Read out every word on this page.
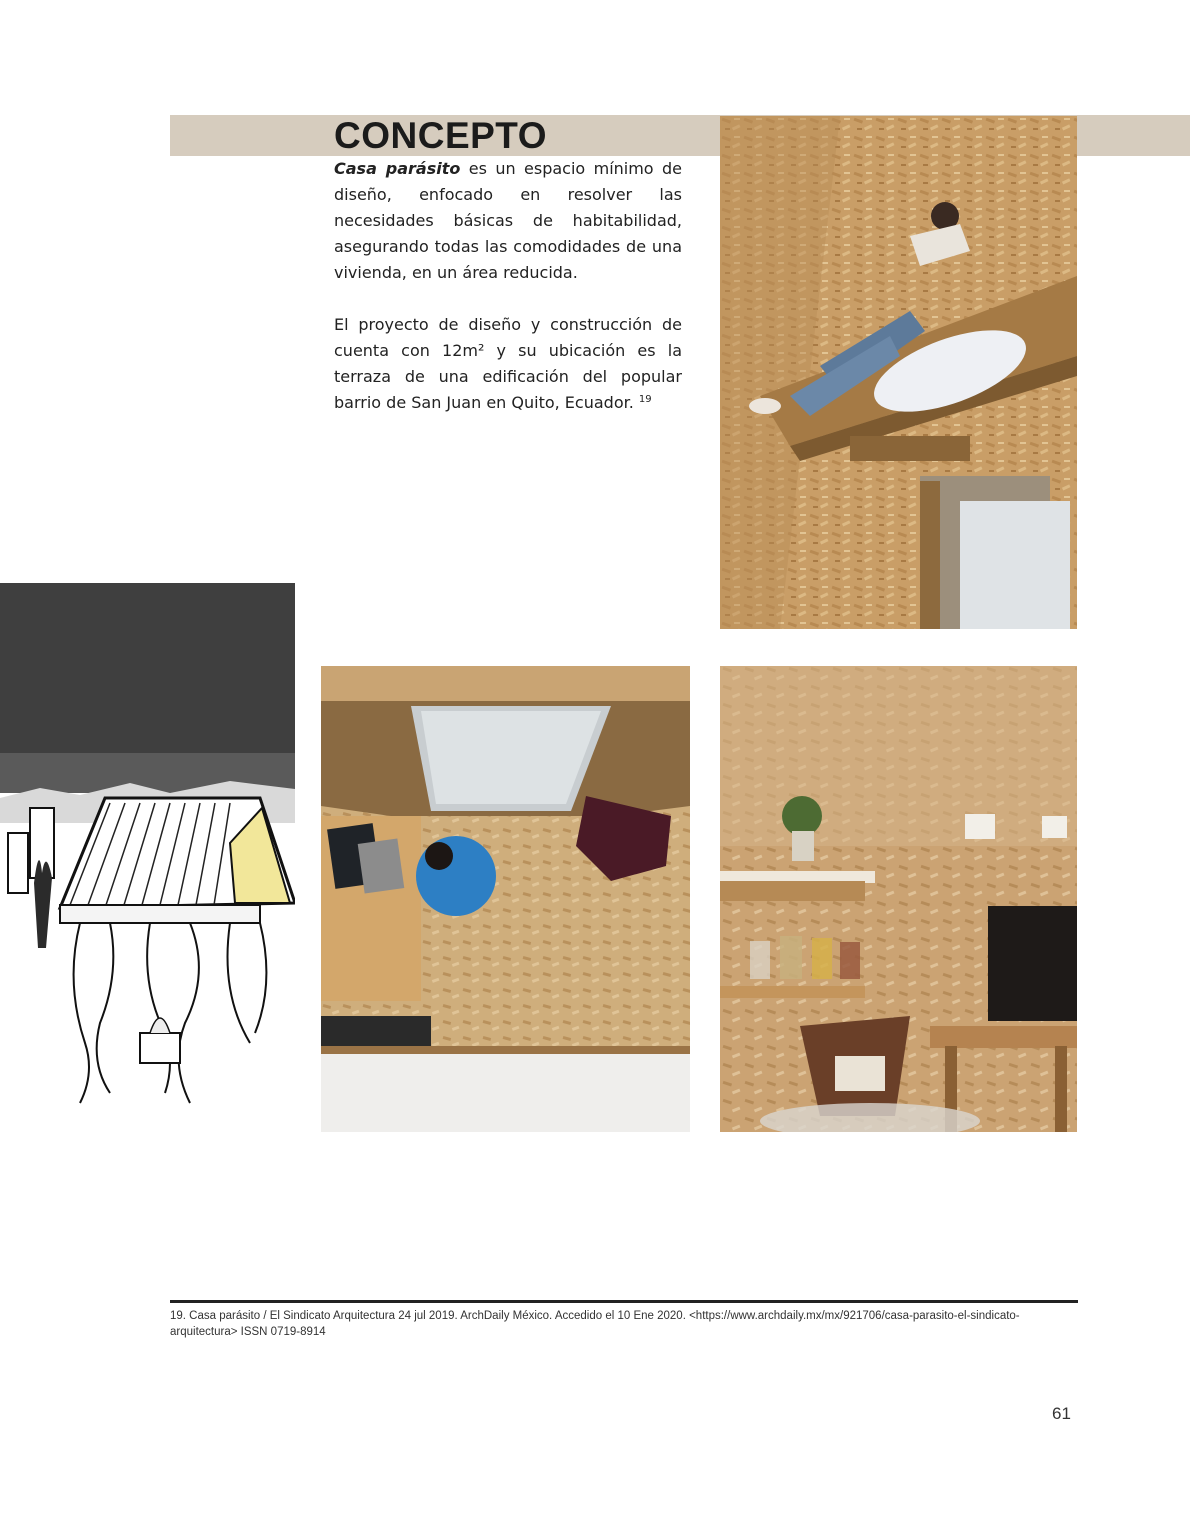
CONCEPTO

Casa parásito es un espacio mínimo de diseño, enfocado en resolver las necesidades básicas de habitabilidad, asegurando todas las comodidades de una vivienda, en un área reducida.

El proyecto de diseño y construcción de cuenta con 12m² y su ubicación es la terraza de una edificación del popular barrio de San Juan en Quito, Ecuador. $^{19}$

19. Casa parásito / El Sindicato Arquitectura 24 jul 2019. ArchDaily México. Accedido el 10 Ene 2020. <https://www.archdaily.mx/mx/921706/casa-parasito-el-sindicato-arquitectura> ISSN 0719-8914
61
